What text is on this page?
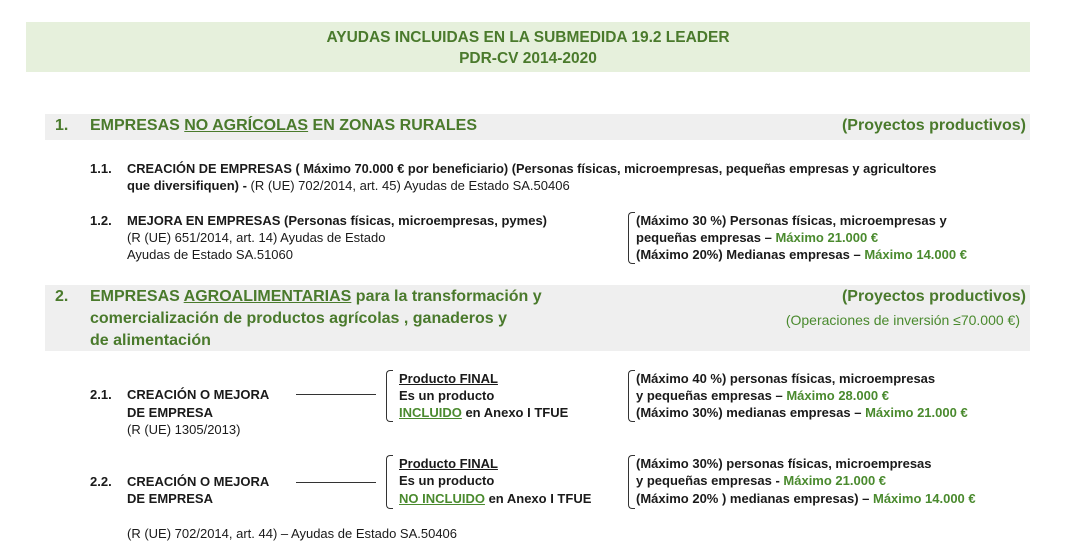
AYUDAS INCLUIDAS EN LA SUBMEDIDA 19.2 LEADER
PDR-CV 2014-2020
1. EMPRESAS NO AGRÍCOLAS EN ZONAS RURALES	(Proyectos productivos)
1.1. CREACIÓN DE EMPRESAS ( Máximo 70.000 € por beneficiario) (Personas físicas, microempresas, pequeñas empresas y agricultores
que diversifiquen) - (R (UE) 702/2014, art. 45) Ayudas de Estado SA.50406
1.2. MEJORA EN EMPRESAS (Personas físicas, microempresas, pymes)
(R (UE) 651/2014, art. 14) Ayudas de Estado
Ayudas de Estado SA.51060
(Máximo 30 %) Personas físicas, microempresas y
pequeñas empresas – Máximo 21.000 €
(Máximo 20%) Medianas empresas – Máximo 14.000 €
2. EMPRESAS AGROALIMENTARIAS para la transformación y
comercialización de productos agrícolas , ganaderos y
de alimentación
(Proyectos productivos)
(Operaciones de inversión ≤70.000 €)
2.1. CREACIÓN O MEJORA
DE EMPRESA
(R (UE) 1305/2013)
Producto FINAL
Es un producto
INCLUIDO en Anexo I TFUE
(Máximo 40 %) personas físicas, microempresas
y pequeñas empresas – Máximo 28.000 €
(Máximo 30%) medianas empresas – Máximo 21.000 €
2.2. CREACIÓN O MEJORA
DE EMPRESA
Producto FINAL
Es un producto
NO INCLUIDO en Anexo I TFUE
(Máximo 30%) personas físicas, microempresas
y pequeñas empresas - Máximo 21.000 €
(Máximo 20% ) medianas empresas) – Máximo 14.000 €
(R (UE) 702/2014, art. 44) – Ayudas de Estado SA.50406
